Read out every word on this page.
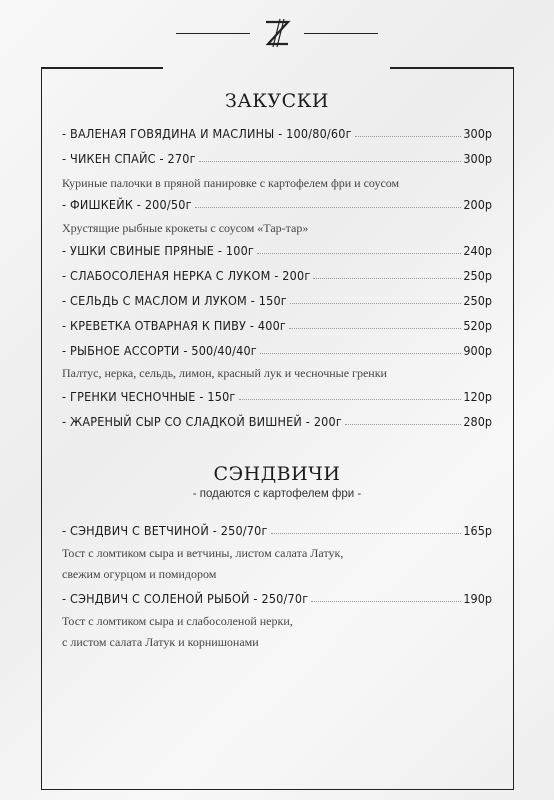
ЗАКУСКИ
- ВАЛЕНАЯ ГОВЯДИНА И МАСЛИНЫ - 100/80/60г	300р
- ЧИКЕН СПАЙС - 270г	300р
Куриные палочки в пряной панировке с картофелем фри и соусом
- ФИШКЕЙК - 200/50г	200р
Хрустящие рыбные крокеты с соусом «Тар-тар»
- УШКИ СВИНЫЕ ПРЯНЫЕ - 100г	240р
- СЛАБОСОЛЕНАЯ НЕРКА С ЛУКОМ - 200г	250р
- СЕЛЬДЬ С МАСЛОМ И ЛУКОМ - 150г	250р
- КРЕВЕТКА ОТВАРНАЯ К ПИВУ - 400г	520р
- РЫБНОЕ АССОРТИ - 500/40/40г	900р
Палтус, нерка, сельдь, лимон, красный лук и чесночные гренки
- ГРЕНКИ ЧЕСНОЧНЫЕ - 150г	120р
- ЖАРЕНЫЙ СЫР СО СЛАДКОЙ ВИШНЕЙ - 200г	280р
СЭНДВИЧИ
- подаются с картофелем фри -
- СЭНДВИЧ С ВЕТЧИНОЙ - 250/70г	165р
Тост с ломтиком сыра и ветчины, листом салата Латук,
свежим огурцом и помидором
- СЭНДВИЧ С СОЛЕНОЙ РЫБОЙ - 250/70г	190р
Тост с ломтиком сыра и слабосоленой нерки,
с листом салата Латук и корнишонами
